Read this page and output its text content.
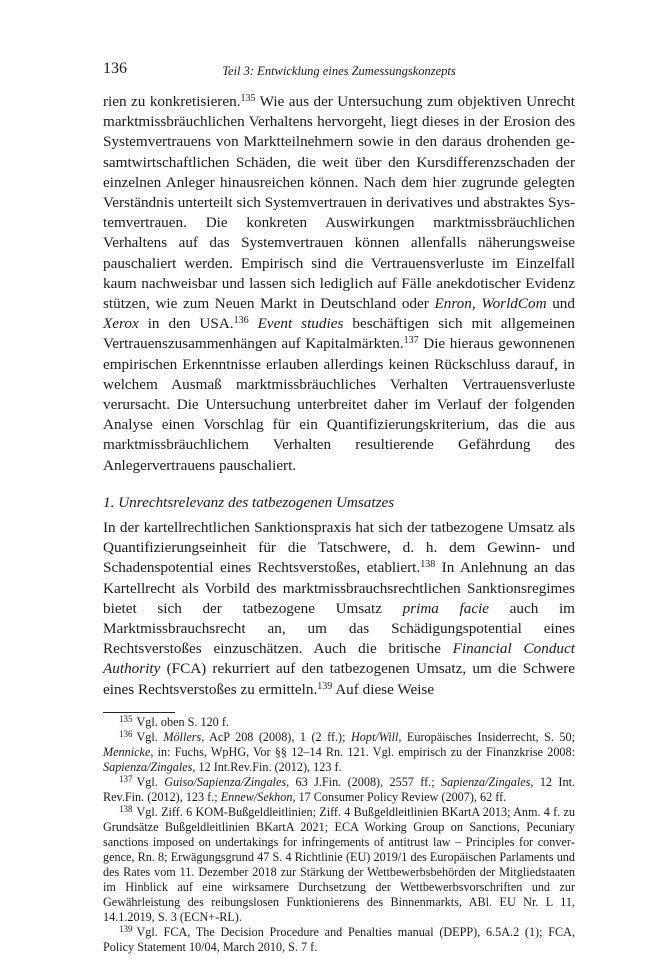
136	Teil 3: Entwicklung eines Zumessungskonzepts

rien zu konkretisieren.$^{135}$ Wie aus der Untersuchung zum objektiven Unrecht marktmissbräuchlichen Verhaltens hervorgeht, liegt dieses in der Erosion des Systemvertrauens von Marktteilnehmern sowie in den daraus drohenden gesamtwirtschaftlichen Schäden, die weit über den Kursdifferenzschaden der einzelnen Anleger hinausreichen können. Nach dem hier zugrunde gelegten Verständnis unterteilt sich Systemvertrauen in derivatives und abstraktes Systemvertrauen. Die konkreten Auswirkungen marktmissbräuchlichen Verhaltens auf das Systemvertrauen können allenfalls näherungsweise pauschaliert werden. Empirisch sind die Vertrauensverluste im Einzelfall kaum nachweisbar und lassen sich lediglich auf Fälle anekdotischer Evidenz stützen, wie zum Neuen Markt in Deutschland oder Enron, WorldCom und Xerox in den USA.$^{136}$ Event studies beschäftigen sich mit allgemeinen Vertrauenszusammenhängen auf Kapitalmärkten.$^{137}$ Die hieraus gewonnenen empirischen Erkenntnisse erlauben allerdings keinen Rückschluss darauf, in welchem Ausmaß marktmissbräuchliches Verhalten Vertrauensverluste verursacht. Die Untersuchung unterbreitet daher im Verlauf der folgenden Analyse einen Vorschlag für ein Quantifizierungskriterium, das die aus marktmissbräuchlichem Verhalten resultierende Gefährdung des Anlegervertrauens pauschaliert.

1. Unrechtsrelevanz des tatbezogenen Umsatzes

In der kartellrechtlichen Sanktionspraxis hat sich der tatbezogene Umsatz als Quantifizierungseinheit für die Tatschwere, d. h. dem Gewinn- und Schadenspotential eines Rechtsverstoßes, etabliert.$^{138}$ In Anlehnung an das Kartellrecht als Vorbild des marktmissbrauchsrechtlichen Sanktionsregimes bietet sich der tatbezogene Umsatz prima facie auch im Marktmissbrauchsrecht an, um das Schädigungspotential eines Rechtsverstoßes einzuschätzen. Auch die britische Financial Conduct Authority (FCA) rekurriert auf den tatbezogenen Umsatz, um die Schwere eines Rechtsverstoßes zu ermitteln.$^{139}$ Auf diese Weise

$^{135}$ Vgl. oben S. 120 f.

$^{136}$ Vgl. Möllers, AcP 208 (2008), 1 (2 ff.); Hopt/Will, Europäisches Insiderrecht, S. 50; Mennicke, in: Fuchs, WpHG, Vor §§ 12–14 Rn. 121. Vgl. empirisch zu der Finanzkrise 2008: Sapienza/Zingales, 12 Int.Rev.Fin. (2012), 123 f.

$^{137}$ Vgl. Guiso/Sapienza/Zingales, 63 J.Fin. (2008), 2557 ff.; Sapienza/Zingales, 12 Int. Rev.Fin. (2012), 123 f.; Ennew/Sekhon, 17 Consumer Policy Review (2007), 62 ff.

$^{138}$ Vgl. Ziff. 6 KOM-Bußgeldleitlinien; Ziff. 4 Bußgeldleitlinien BKartA 2013; Anm. 4 f. zu Grundsätze Bußgeldleitlinien BKartA 2021; ECA Working Group on Sanctions, Pecuniary sanctions imposed on undertakings for infringements of antitrust law – Principles for convergence, Rn. 8; Erwägungsgrund 47 S. 4 Richtlinie (EU) 2019/1 des Europäischen Parlaments und des Rates vom 11. Dezember 2018 zur Stärkung der Wettbewerbsbehörden der Mitgliedstaaten im Hinblick auf eine wirksamere Durchsetzung der Wettbewerbsvorschriften und zur Gewährleistung des reibungslosen Funktionierens des Binnenmarkts, ABl. EU Nr. L 11, 14.1.2019, S. 3 (ECN+-RL).

$^{139}$ Vgl. FCA, The Decision Procedure and Penalties manual (DEPP), 6.5A.2 (1); FCA, Policy Statement 10/04, March 2010, S. 7 f.
